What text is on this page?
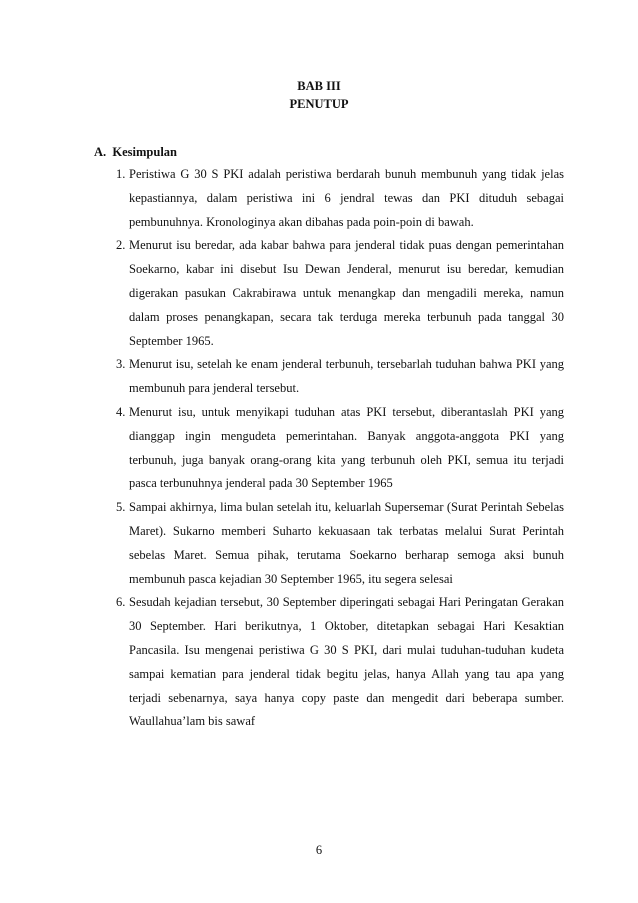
BAB III
PENUTUP
A. Kesimpulan
1. Peristiwa G 30 S PKI adalah peristiwa berdarah bunuh membunuh yang tidak jelas kepastiannya, dalam peristiwa ini 6 jendral tewas dan PKI dituduh sebagai pembunuhnya. Kronologinya akan dibahas pada poin-poin di bawah.
2. Menurut isu beredar, ada kabar bahwa para jenderal tidak puas dengan pemerintahan Soekarno, kabar ini disebut Isu Dewan Jenderal, menurut isu beredar, kemudian digerakan pasukan Cakrabirawa untuk menangkap dan mengadili mereka, namun dalam proses penangkapan, secara tak terduga mereka terbunuh pada tanggal 30 September 1965.
3. Menurut isu, setelah ke enam jenderal terbunuh, tersebarlah tuduhan bahwa PKI yang membunuh para jenderal tersebut.
4. Menurut isu, untuk menyikapi tuduhan atas PKI tersebut, diberantaslah PKI yang dianggap ingin mengudeta pemerintahan. Banyak anggota-anggota PKI yang terbunuh, juga banyak orang-orang kita yang terbunuh oleh PKI, semua itu terjadi pasca terbunuhnya jenderal pada 30 September 1965
5. Sampai akhirnya, lima bulan setelah itu, keluarlah Supersemar (Surat Perintah Sebelas Maret). Sukarno memberi Suharto kekuasaan tak terbatas melalui Surat Perintah sebelas Maret. Semua pihak, terutama Soekarno berharap semoga aksi bunuh membunuh pasca kejadian 30 September 1965, itu segera selesai
6. Sesudah kejadian tersebut, 30 September diperingati sebagai Hari Peringatan Gerakan 30 September. Hari berikutnya, 1 Oktober, ditetapkan sebagai Hari Kesaktian Pancasila. Isu mengenai peristiwa G 30 S PKI, dari mulai tuduhan-tuduhan kudeta sampai kematian para jenderal tidak begitu jelas, hanya Allah yang tau apa yang terjadi sebenarnya, saya hanya copy paste dan mengedit dari beberapa sumber. Waullahua’lam bis sawaf
6
